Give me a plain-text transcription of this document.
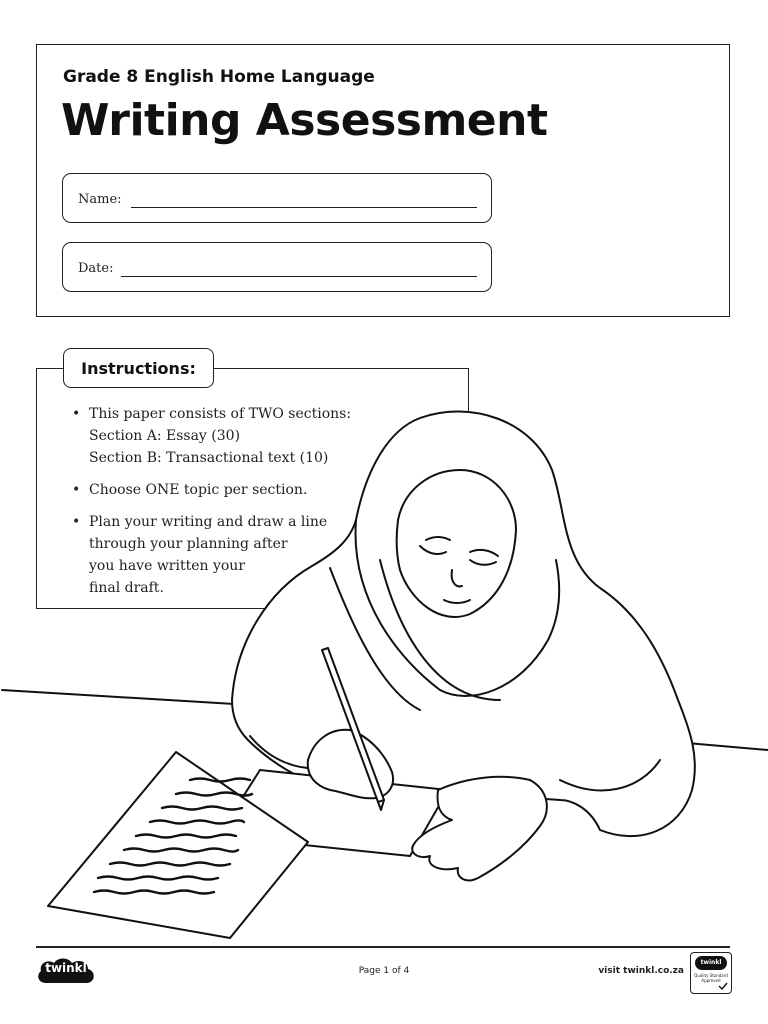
Grade 8 English Home Language
Writing Assessment
Name:
Date:
Instructions:
• This paper consists of TWO sections:
Section A: Essay (30)
Section B: Transactional text (10)
• Choose ONE topic per section.
• Plan your writing and draw a line
through your planning after
you have written your
final draft.
twinkl	Page 1 of 4	visit twinkl.co.za
twinkl
Quality Standard Approved
